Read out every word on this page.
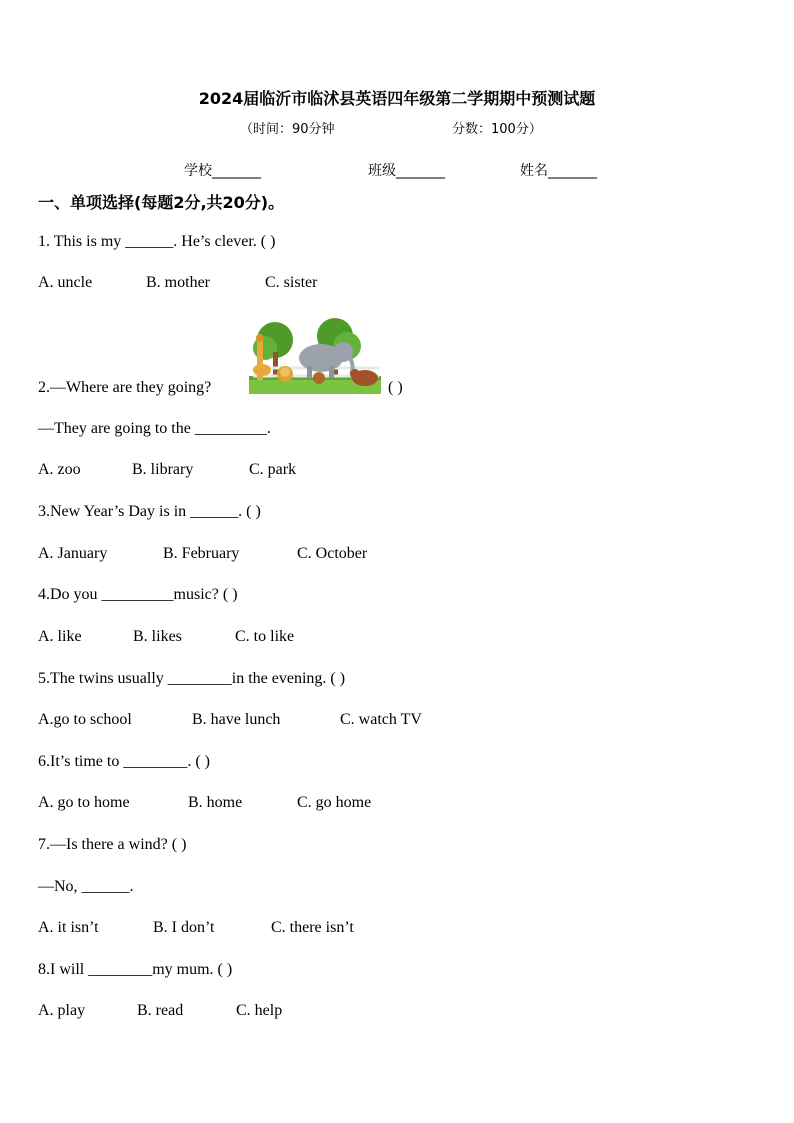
2024届临沂市临沭县英语四年级第二学期期中预测试题
（时间：90分钟	分数：100分）
学校_______	班级_______	姓名_______
一、单项选择(每题2分,共20分)。
1. This is my ______. He’s clever. ( )
A. uncle	B. mother	C. sister
2.—Where are they going?	( )
—They are going to the _________.
A. zoo	B. library	C. park
3.New Year’s Day is in ______. ( )
A. January	B. February	C. October
4.Do you _________music? ( )
A. like	B. likes	C. to like
5.The twins usually ________in the evening. ( )
A.go to school	B. have lunch	C. watch TV
6.It’s time to ________. ( )
A. go to home	B. home	C. go home
7.—Is there a wind? ( )
—No, ______.
A. it isn’t	B. I don’t	C. there isn’t
8.I will ________my mum. ( )
A. play	B. read	C. help
